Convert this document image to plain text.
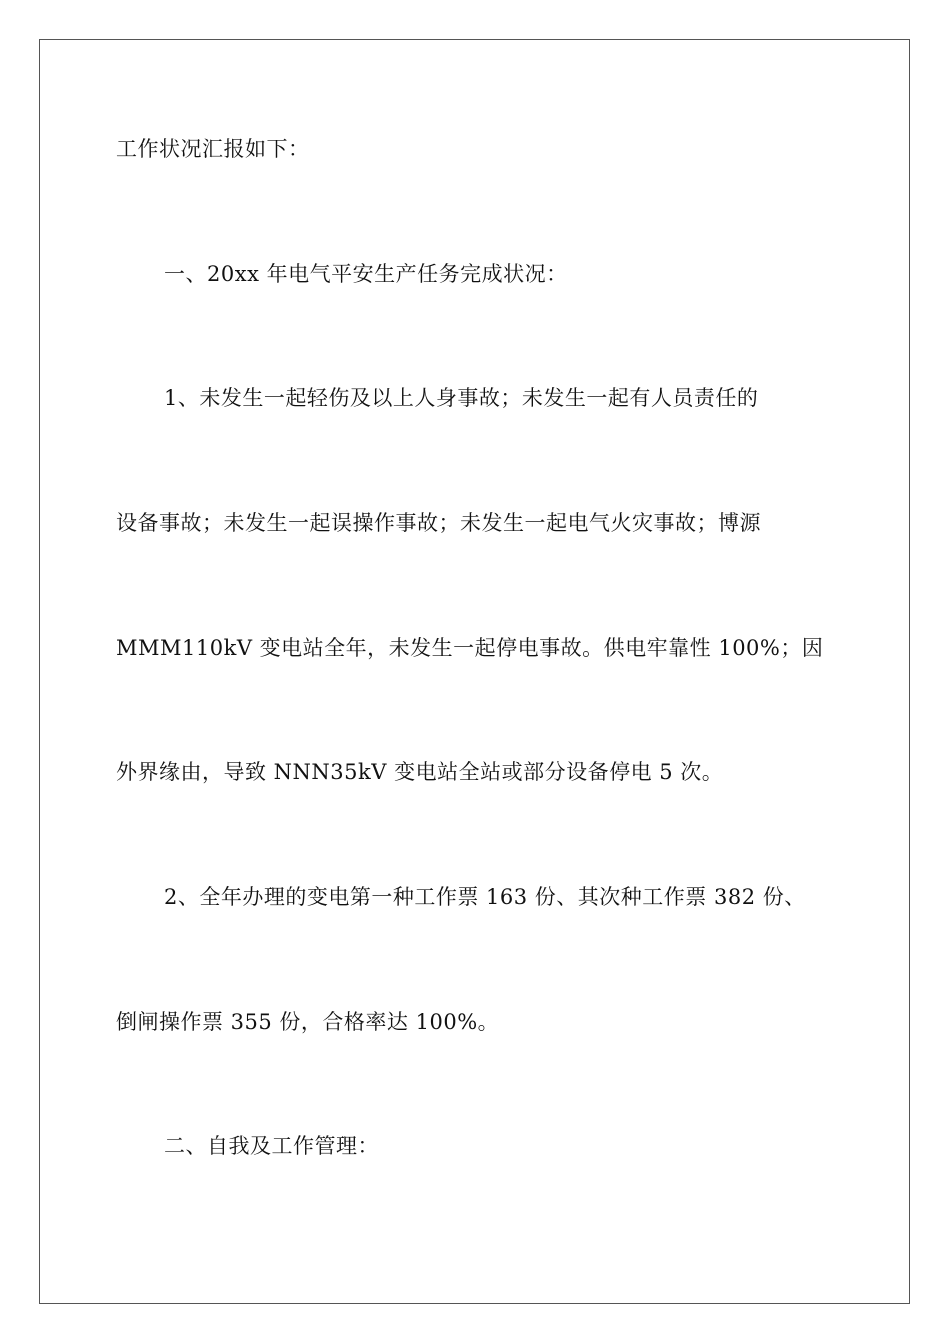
工作状况汇报如下：
一、20xx 年电气平安生产任务完成状况：
1、未发生一起轻伤及以上人身事故；未发生一起有人员责任的
设备事故；未发生一起误操作事故；未发生一起电气火灾事故；博源
MMM110kV 变电站全年，未发生一起停电事故。供电牢靠性 100%；因
外界缘由，导致 NNN35kV 变电站全站或部分设备停电 5 次。
2、全年办理的变电第一种工作票 163 份、其次种工作票 382 份、
倒闸操作票 355 份，合格率达 100%。
二、自我及工作管理：
